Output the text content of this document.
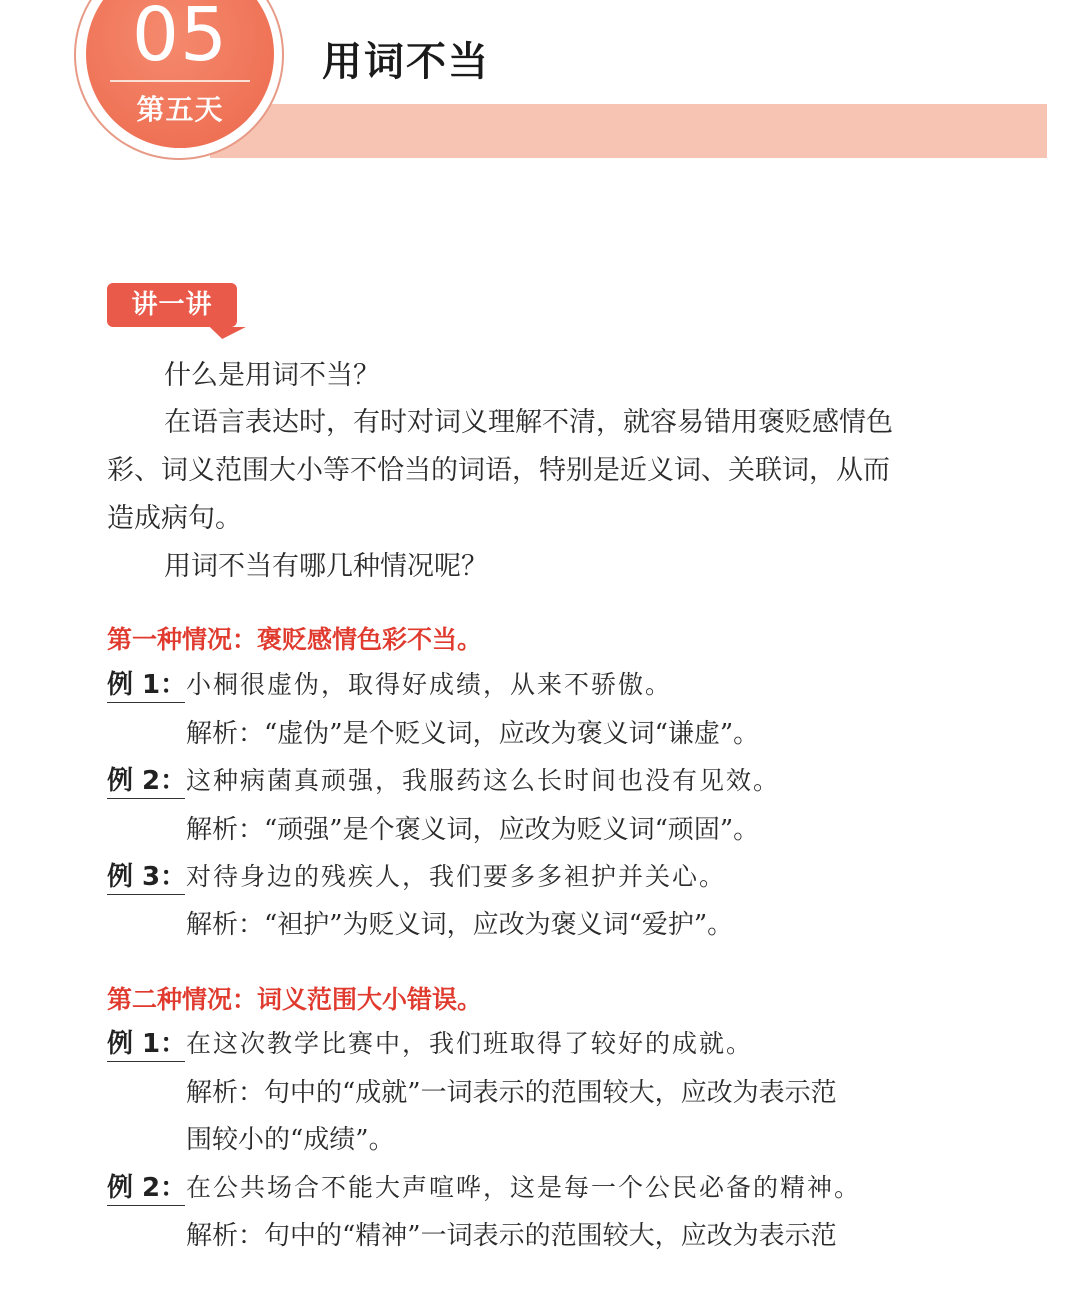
05
第五天
用词不当
讲一讲
什么是用词不当？
在语言表达时，有时对词义理解不清，就容易错用褒贬感情色
彩、词义范围大小等不恰当的词语，特别是近义词、关联词，从而
造成病句。
用词不当有哪几种情况呢？
第一种情况：褒贬感情色彩不当。
例 1： 小桐很虚伪，取得好成绩，从来不骄傲。
解析：“虚伪”是个贬义词，应改为褒义词“谦虚”。
例 2： 这种病菌真顽强，我服药这么长时间也没有见效。
解析：“顽强”是个褒义词，应改为贬义词“顽固”。
例 3： 对待身边的残疾人，我们要多多袒护并关心。
解析：“袒护”为贬义词，应改为褒义词“爱护”。
第二种情况：词义范围大小错误。
例 1： 在这次教学比赛中，我们班取得了较好的成就。
解析：句中的“成就”一词表示的范围较大，应改为表示范
围较小的“成绩”。
例 2： 在公共场合不能大声喧哗，这是每一个公民必备的精神。
解析：句中的“精神”一词表示的范围较大，应改为表示范
